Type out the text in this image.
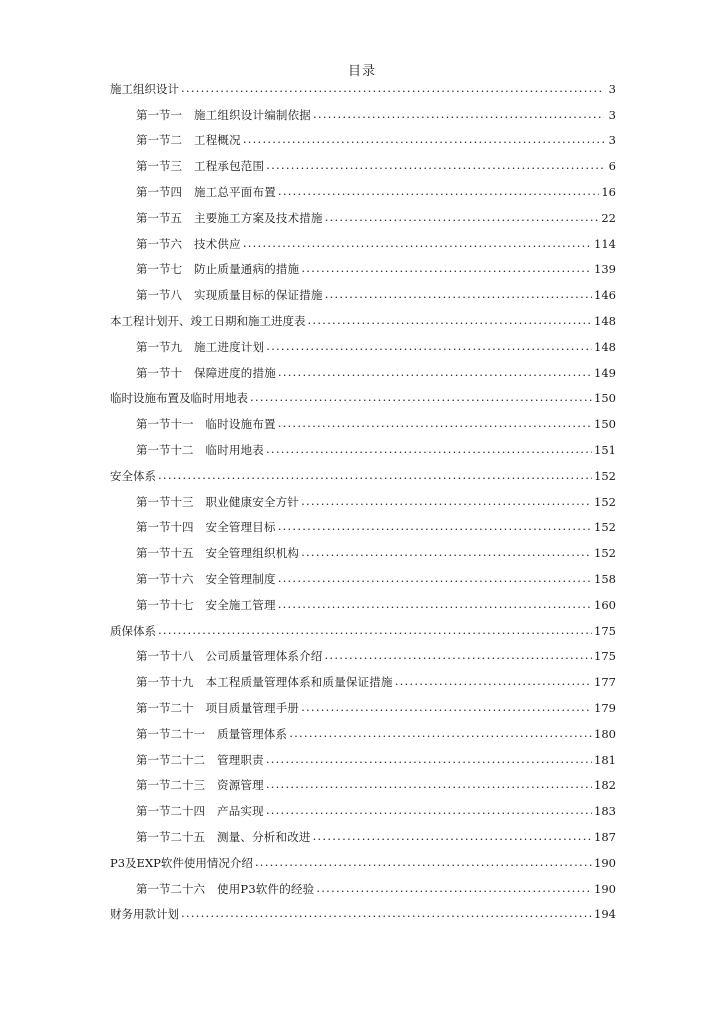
目录
施工组织设计 . . .	3
第一节一 施工组织设计编制依据 . . .	3
第一节二 工程概况 . . .	3
第一节三 工程承包范围 . . .	6
第一节四 施工总平面布置 . . .	16
第一节五 主要施工方案及技术措施 . . .	22
第一节六 技术供应 . . .	114
第一节七 防止质量通病的措施 . . .	139
第一节八 实现质量目标的保证措施 . . .	146
本工程计划开、竣工日期和施工进度表 . . .	148
第一节九 施工进度计划 . . .	148
第一节十 保障进度的措施 . . .	149
临时设施布置及临时用地表 . . .	150
第一节十一 临时设施布置 . . .	150
第一节十二 临时用地表 . . .	151
安全体系 . . .	152
第一节十三 职业健康安全方针 . . .	152
第一节十四 安全管理目标 . . .	152
第一节十五 安全管理组织机构 . . .	152
第一节十六 安全管理制度 . . .	158
第一节十七 安全施工管理 . . .	160
质保体系 . . .	175
第一节十八 公司质量管理体系介绍 . . .	175
第一节十九 本工程质量管理体系和质量保证措施 . . .	177
第一节二十 项目质量管理手册 . . .	179
第一节二十一 质量管理体系 . . .	180
第一节二十二 管理职责 . . .	181
第一节二十三 资源管理 . . .	182
第一节二十四 产品实现 . . .	183
第一节二十五 测量、分析和改进 . . .	187
P3及EXP软件使用情况介绍 . . .	190
第一节二十六 使用P3软件的经验 . . .	190
财务用款计划 . . .	194
